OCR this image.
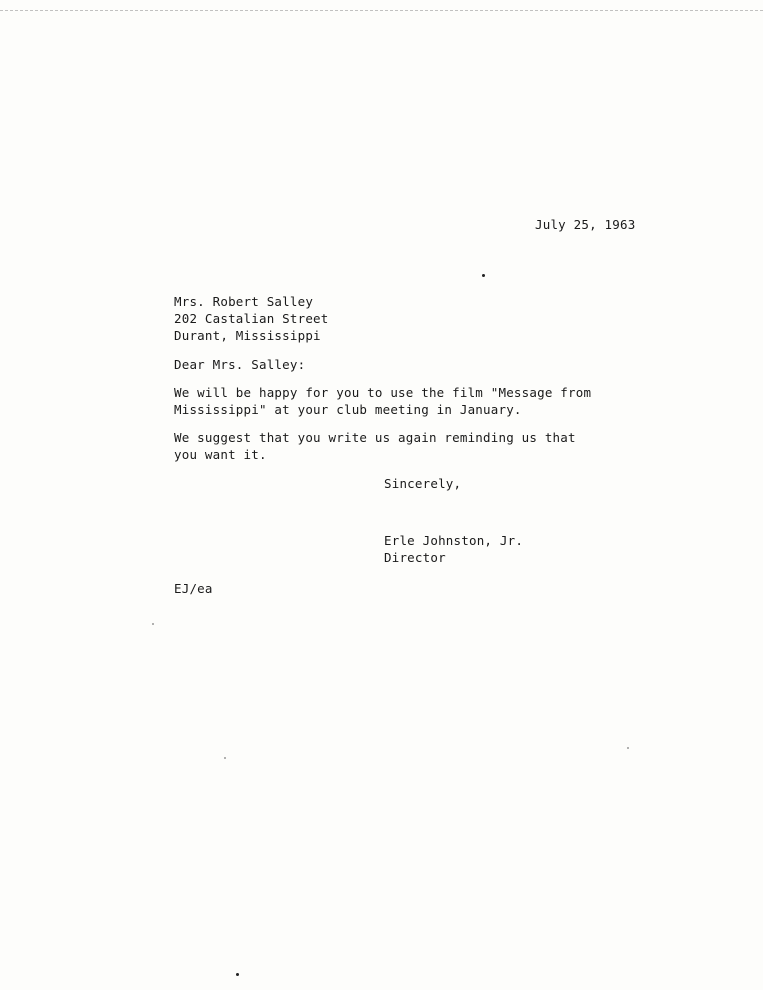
July 25, 1963
Mrs. Robert Salley
202 Castalian Street
Durant, Mississippi
Dear Mrs. Salley:
We will be happy for you to use the film "Message from
Mississippi" at your club meeting in January.
We suggest that you write us again reminding us that
you want it.
Sincerely,
Erle Johnston, Jr.
Director
EJ/ea
